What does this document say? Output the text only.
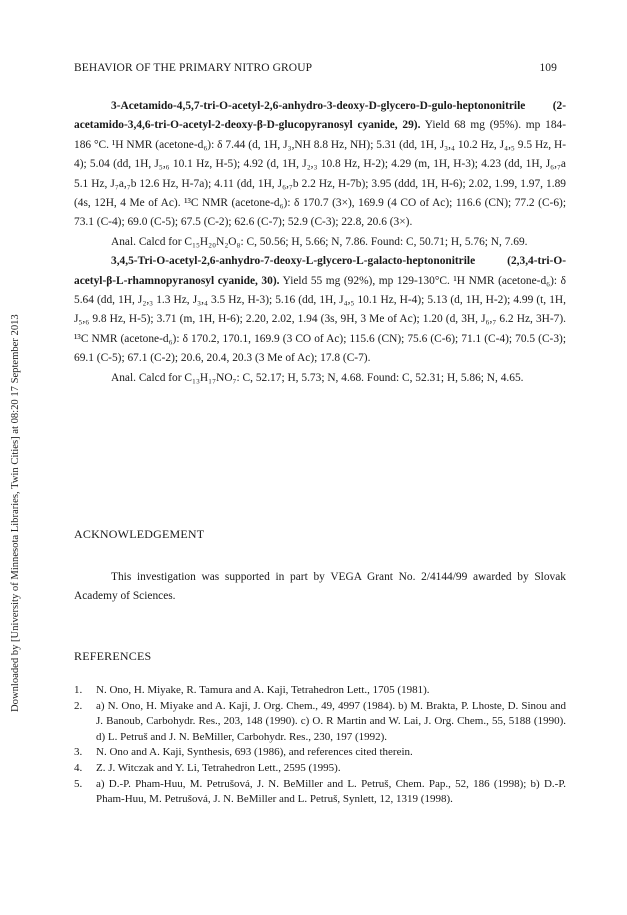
BEHAVIOR OF THE PRIMARY NITRO GROUP	109
Downloaded by [University of Minnesota Libraries, Twin Cities] at 08:20 17 September 2013

3-Acetamido-4,5,7-tri-O-acetyl-2,6-anhydro-3-deoxy-D-glycero-D-gulo-heptononitrile (2-acetamido-3,4,6-tri-O-acetyl-2-deoxy-β-D-glucopyranosyl cyanide, 29). Yield 68 mg (95%). mp 184-186 °C. ¹H NMR (acetone-d₆): δ 7.44 (d, 1H, J₃,NH 8.8 Hz, NH); 5.31 (dd, 1H, J₃,₄ 10.2 Hz, J₄,₅ 9.5 Hz, H-4); 5.04 (dd, 1H, J₅,₆ 10.1 Hz, H-5); 4.92 (d, 1H, J₂,₃ 10.8 Hz, H-2); 4.29 (m, 1H, H-3); 4.23 (dd, 1H, J₆,₇a 5.1 Hz, J₇a,₇b 12.6 Hz, H-7a); 4.11 (dd, 1H, J₆,₇b 2.2 Hz, H-7b); 3.95 (ddd, 1H, H-6); 2.02, 1.99, 1.97, 1.89 (4s, 12H, 4 Me of Ac). ¹³C NMR (acetone-d₆): δ 170.7 (3×), 169.9 (4 CO of Ac); 116.6 (CN); 77.2 (C-6); 73.1 (C-4); 69.0 (C-5); 67.5 (C-2); 62.6 (C-7); 52.9 (C-3); 22.8, 20.6 (3×).

Anal. Calcd for C₁₅H₂₀N₂O₈: C, 50.56; H, 5.66; N, 7.86. Found: C, 50.71; H, 5.76; N, 7.69.

3,4,5-Tri-O-acetyl-2,6-anhydro-7-deoxy-L-glycero-L-galacto-heptononitrile (2,3,4-tri-O-acetyl-β-L-rhamnopyranosyl cyanide, 30). Yield 55 mg (92%), mp 129-130°C. ¹H NMR (acetone-d₆): δ 5.64 (dd, 1H, J₂,₃ 1.3 Hz, J₃,₄ 3.5 Hz, H-3); 5.16 (dd, 1H, J₄,₅ 10.1 Hz, H-4); 5.13 (d, 1H, H-2); 4.99 (t, 1H, J₅,₆ 9.8 Hz, H-5); 3.71 (m, 1H, H-6); 2.20, 2.02, 1.94 (3s, 9H, 3 Me of Ac); 1.20 (d, 3H, J₆,₇ 6.2 Hz, 3H-7). ¹³C NMR (acetone-d₆): δ 170.2, 170.1, 169.9 (3 CO of Ac); 115.6 (CN); 75.6 (C-6); 71.1 (C-4); 70.5 (C-3); 69.1 (C-5); 67.1 (C-2); 20.6, 20.4, 20.3 (3 Me of Ac); 17.8 (C-7).

Anal. Calcd for C₁₃H₁₇NO₇: C, 52.17; H, 5.73; N, 4.68. Found: C, 52.31; H, 5.86; N, 4.65.

ACKNOWLEDGEMENT

This investigation was supported in part by VEGA Grant No. 2/4144/99 awarded by Slovak Academy of Sciences.

REFERENCES
1. N. Ono, H. Miyake, R. Tamura and A. Kaji, Tetrahedron Lett., 1705 (1981).
2. a) N. Ono, H. Miyake and A. Kaji, J. Org. Chem., 49, 4997 (1984). b) M. Brakta, P. Lhoste, D. Sinou and J. Banoub, Carbohydr. Res., 203, 148 (1990). c) O. R Martin and W. Lai, J. Org. Chem., 55, 5188 (1990). d) L. Petruš and J. N. BeMiller, Carbohydr. Res., 230, 197 (1992).
3. N. Ono and A. Kaji, Synthesis, 693 (1986), and references cited therein.
4. Z. J. Witczak and Y. Li, Tetrahedron Lett., 2595 (1995).
5. a) D.-P. Pham-Huu, M. Petrušová, J. N. BeMiller and L. Petruš, Chem. Pap., 52, 186 (1998); b) D.-P. Pham-Huu, M. Petrušová, J. N. BeMiller and L. Petruš, Synlett, 12, 1319 (1998).
